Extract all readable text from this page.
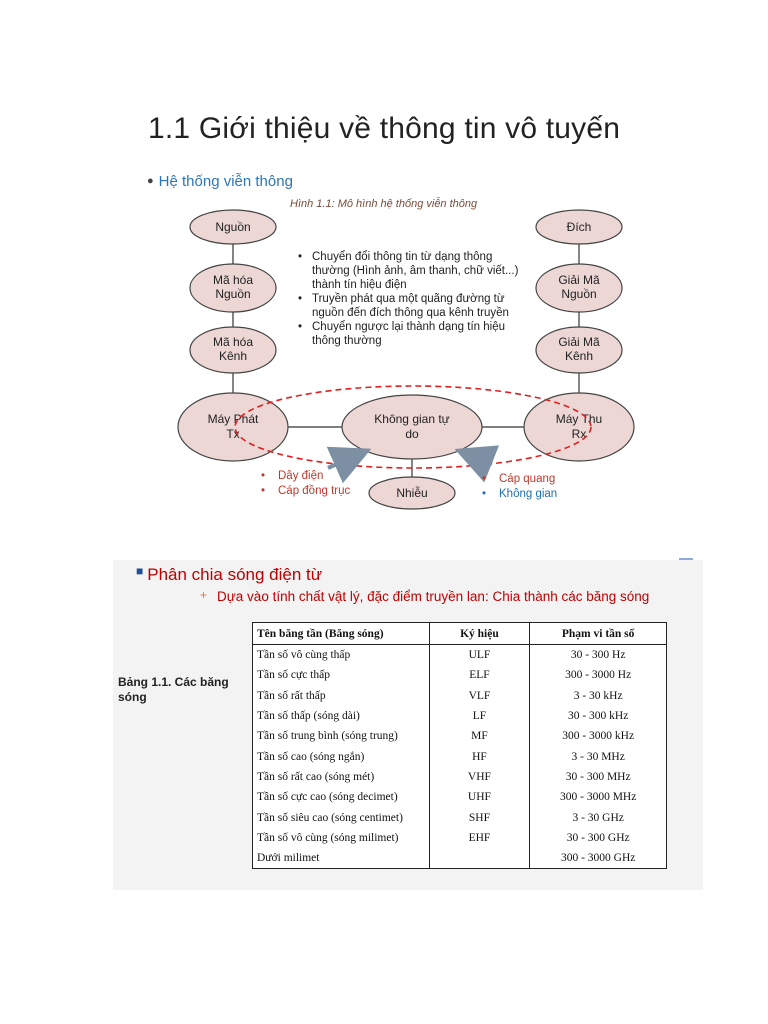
1.1 Giới thiệu về thông tin vô tuyến
● Hệ thống viễn thông
Hình 1.1: Mô hình hệ thống viễn thông
Nguồn
Mã hóa
Nguồn
Mã hóa
Kênh
Máy Phát
Tx
Không gian tự
do
Nhiễu
Đích
Giải Mã
Nguồn
Giải Mã
Kênh
Máy Thu
Rx
• Chuyển đổi thông tin từ dạng thông thường (Hình ảnh, âm thanh, chữ viết...) thành tín hiệu điện
• Truyền phát qua một quãng đường từ nguồn đến đích thông qua kênh truyền
• Chuyển ngược lại thành dạng tín hiệu thông thường
• Dây điện
• Cáp đồng trục
• Cáp quang
• Không gian
■ Phân chia sóng điện từ
+ Dựa vào tính chất vật lý, đặc điểm truyền lan: Chia thành các băng sóng
Bảng 1.1. Các băng sóng
Tên băng tần (Băng sóng)	Ký hiệu	Phạm vi tần số
Tần số vô cùng thấp	ULF	30 - 300 Hz
Tần số cực thấp	ELF	300 - 3000 Hz
Tần số rất thấp	VLF	3 - 30 kHz
Tần số thấp (sóng dài)	LF	30 - 300 kHz
Tần số trung bình (sóng trung)	MF	300 - 3000 kHz
Tần số cao (sóng ngắn)	HF	3 - 30 MHz
Tần số rất cao (sóng mét)	VHF	30 - 300 MHz
Tần số cực cao (sóng decimet)	UHF	300 - 3000 MHz
Tần số siêu cao (sóng centimet)	SHF	3 - 30 GHz
Tần số vô cùng (sóng milimet)	EHF	30 - 300 GHz
Dưới milimet		300 - 3000 GHz
